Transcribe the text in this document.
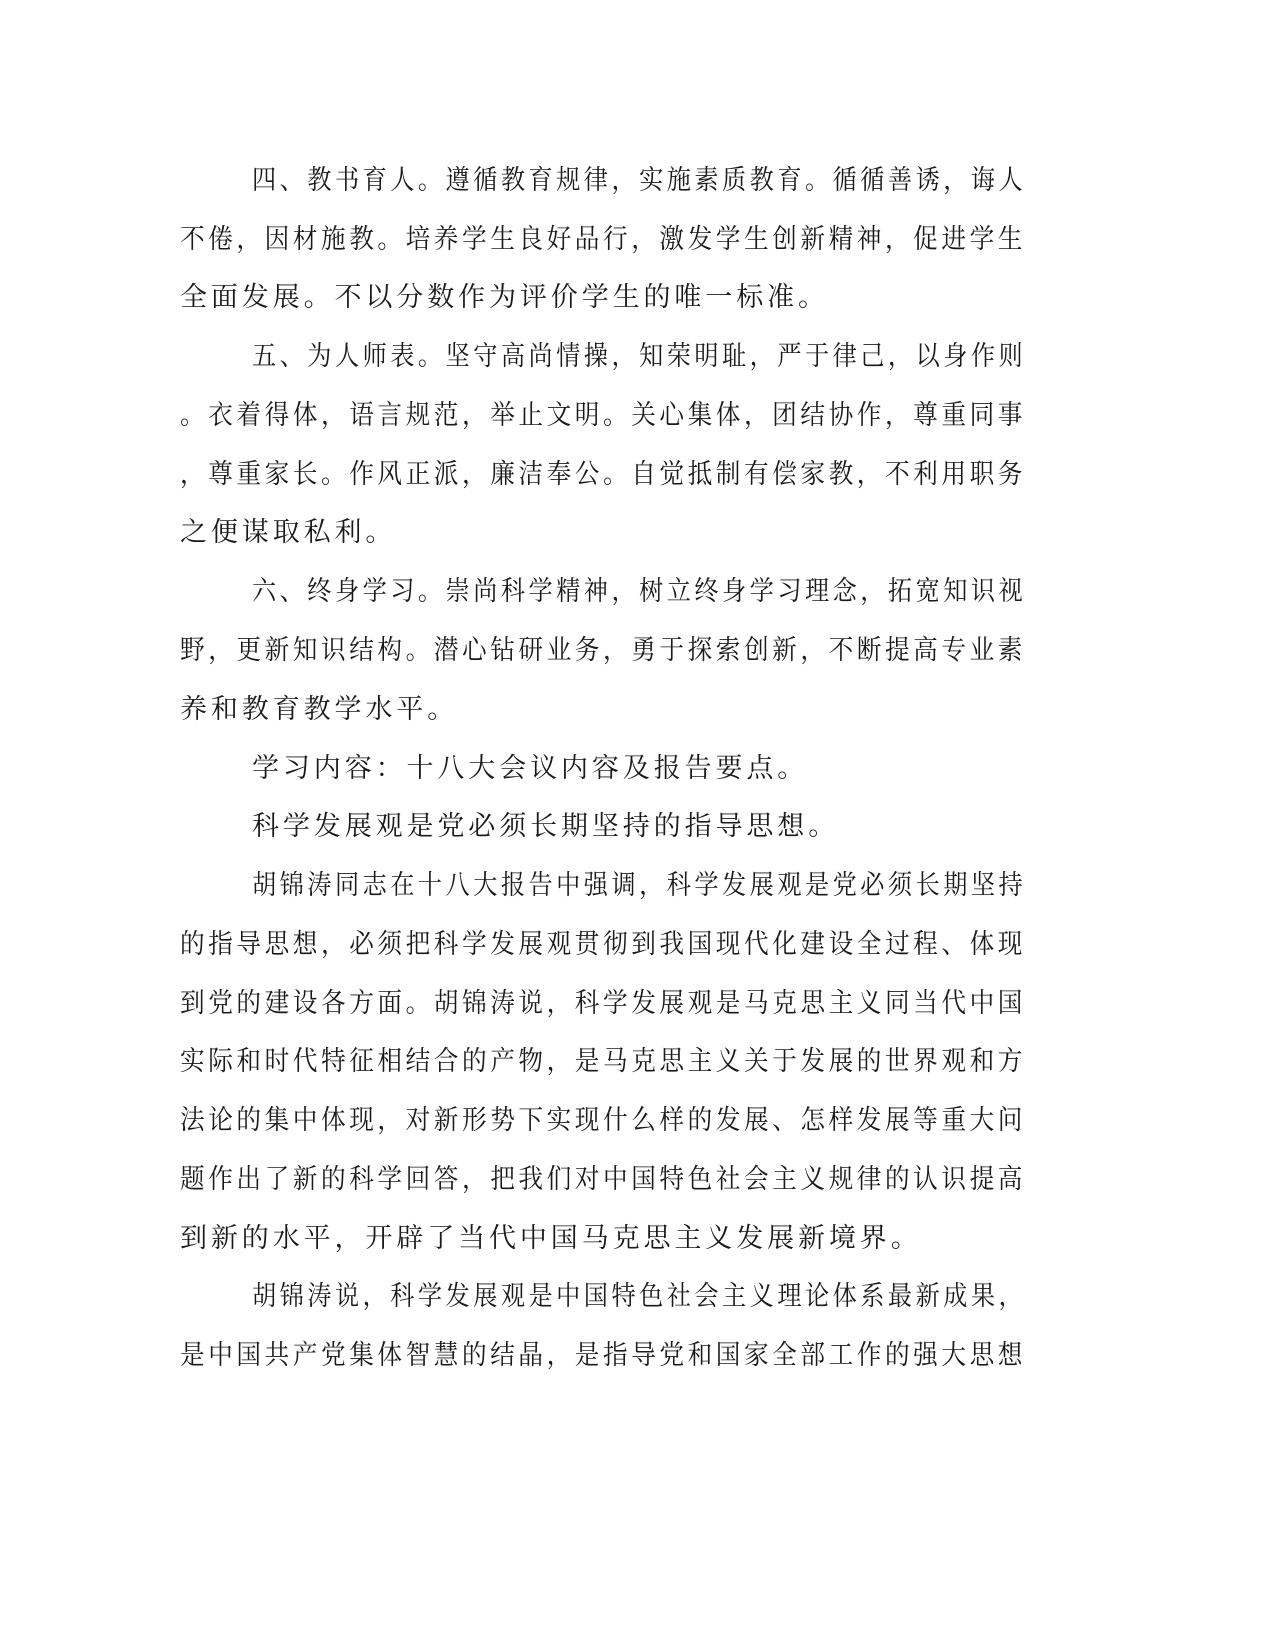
四、教书育人。遵循教育规律，实施素质教育。循循善诱，诲人
不倦，因材施教。培养学生良好品行，激发学生创新精神，促进学生
全面发展。不以分数作为评价学生的唯一标准。
五、为人师表。坚守高尚情操，知荣明耻，严于律己，以身作则
。衣着得体，语言规范，举止文明。关心集体，团结协作，尊重同事
，尊重家长。作风正派，廉洁奉公。自觉抵制有偿家教，不利用职务
之便谋取私利。
六、终身学习。崇尚科学精神，树立终身学习理念，拓宽知识视
野，更新知识结构。潜心钻研业务，勇于探索创新，不断提高专业素
养和教育教学水平。
学习内容：十八大会议内容及报告要点。
科学发展观是党必须长期坚持的指导思想。
胡锦涛同志在十八大报告中强调，科学发展观是党必须长期坚持
的指导思想，必须把科学发展观贯彻到我国现代化建设全过程、体现
到党的建设各方面。胡锦涛说，科学发展观是马克思主义同当代中国
实际和时代特征相结合的产物，是马克思主义关于发展的世界观和方
法论的集中体现，对新形势下实现什么样的发展、怎样发展等重大问
题作出了新的科学回答，把我们对中国特色社会主义规律的认识提高
到新的水平，开辟了当代中国马克思主义发展新境界。
胡锦涛说，科学发展观是中国特色社会主义理论体系最新成果，
是中国共产党集体智慧的结晶，是指导党和国家全部工作的强大思想
